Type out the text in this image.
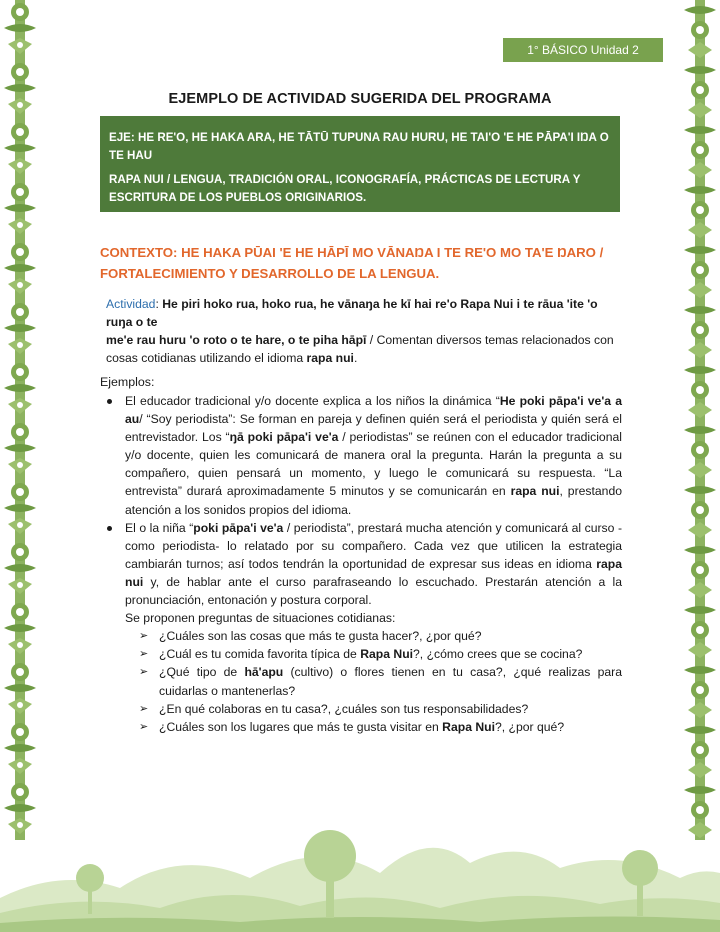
1° BÁSICO Unidad 2
EJEMPLO DE ACTIVIDAD SUGERIDA DEL PROGRAMA

EJE: HE RE'O, HE HAKA ARA, HE TĀTŪ TUPUNA RAU HURU, HE TAI'O 'E HE PĀPA'I IŊA O TE HAU

RAPA NUI / LENGUA, TRADICIÓN ORAL, ICONOGRAFÍA, PRÁCTICAS DE LECTURA Y ESCRITURA DE LOS PUEBLOS ORIGINARIOS.

CONTEXTO: HE HAKA PŪAI 'E HE HĀPĪ MO VĀNAŊA I TE RE'O MO TA'E ŊARO / FORTALECIMIENTO Y DESARROLLO DE LA LENGUA.
Actividad: He piri hoko rua, hoko rua, he vānaŋa he kī hai re'o Rapa Nui i te rāua 'ite 'o ruŋa o te
me'e rau huru 'o roto o te hare, o te piha hāpī / Comentan diversos temas relacionados con cosas cotidianas utilizando el idioma rapa nui.
Ejemplos:
El educador tradicional y/o docente explica a los niños la dinámica “He poki pāpa'i ve'a a au/ “Soy periodista”: Se forman en pareja y definen quién será el periodista y quién será el entrevistador. Los “ŋā poki pāpa'i ve'a / periodistas” se reúnen con el educador tradicional y/o docente, quien les comunicará de manera oral la pregunta. Harán la pregunta a su compañero, quien pensará un momento, y luego le comunicará su respuesta. “La entrevista” durará aproximadamente 5 minutos y se comunicarán en rapa nui, prestando atención a los sonidos propios del idioma.
El o la niña “poki pāpa'i ve'a / periodista”, prestará mucha atención y comunicará al curso -como periodista- lo relatado por su compañero. Cada vez que utilicen la estrategia cambiarán turnos; así todos tendrán la oportunidad de expresar sus ideas en idioma rapa nui y, de hablar ante el curso parafraseando lo escuchado. Prestarán atención a la pronunciación, entonación y postura corporal.
Se proponen preguntas de situaciones cotidianas:
➢ ¿Cuáles son las cosas que más te gusta hacer?, ¿por qué?
➢ ¿Cuál es tu comida favorita típica de Rapa Nui?, ¿cómo crees que se cocina?
➢ ¿Qué tipo de hā'apu (cultivo) o flores tienen en tu casa?, ¿qué realizas para cuidarlas o mantenerlas?
➢ ¿En qué colaboras en tu casa?, ¿cuáles son tus responsabilidades?
➢ ¿Cuáles son los lugares que más te gusta visitar en Rapa Nui?, ¿por qué?
